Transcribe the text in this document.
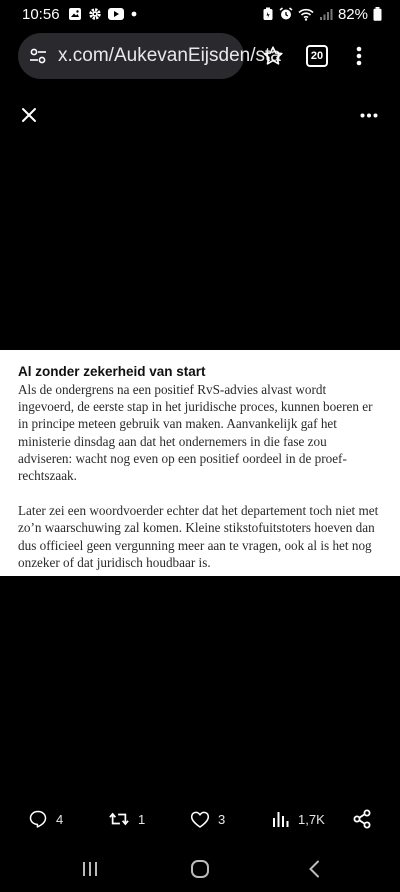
10:56	82%
x.com/AukevanEijsden/sta	20
Al zonder zekerheid van start

Als de ondergrens na een positief RvS-advies alvast wordt ingevoerd, de eerste stap in het juridische proces, kunnen boeren er in principe meteen gebruik van maken. Aanvankelijk gaf het ministerie dinsdag aan dat het ondernemers in die fase zou adviseren: wacht nog even op een positief oordeel in de proef-rechtszaak.

Later zei een woordvoerder echter dat het departement toch niet met zo’n waarschuwing zal komen. Kleine stikstofuitstoters hoeven dan dus officieel geen vergunning meer aan te vragen, ook al is het nog onzeker of dat juridisch houdbaar is.

4	1	3	1,7K
